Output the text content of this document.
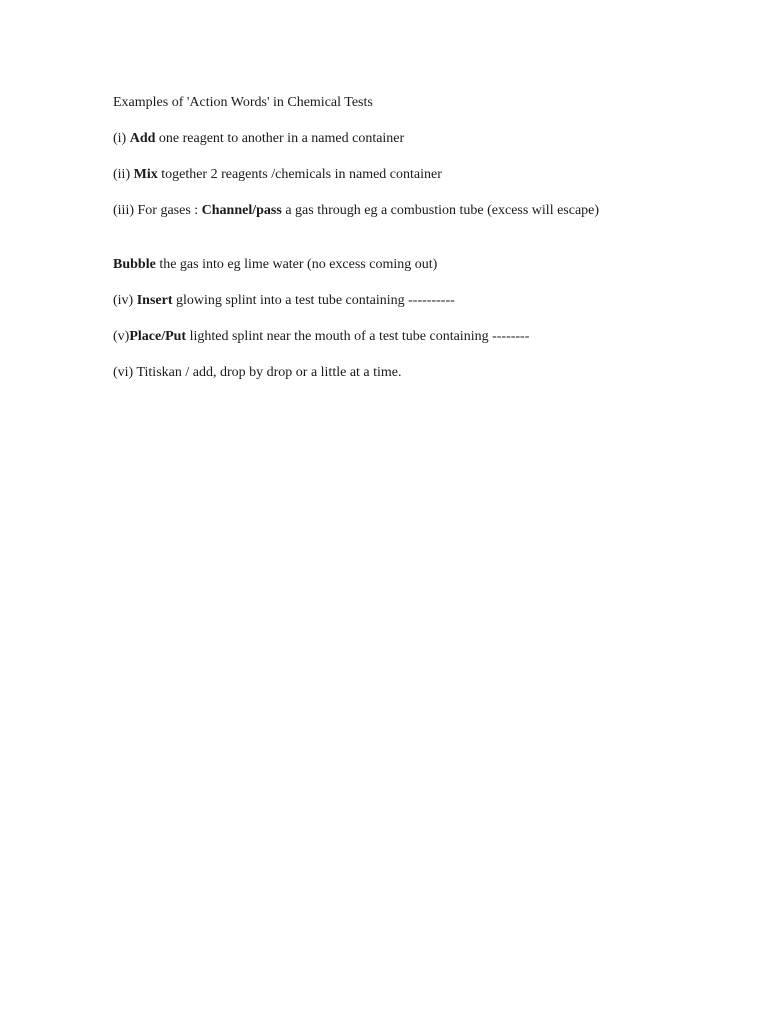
Examples of 'Action Words' in Chemical Tests
(i) Add one reagent to another in a named container
(ii) Mix together 2 reagents /chemicals in named container
(iii) For gases : Channel/pass a gas through eg a combustion tube (excess will escape)
Bubble the gas into eg lime water (no excess coming out)
(iv) Insert glowing splint into a test tube containing ----------
(v)Place/Put lighted splint near the mouth of a test tube containing --------
(vi) Titiskan / add, drop by drop or a little at a time.
